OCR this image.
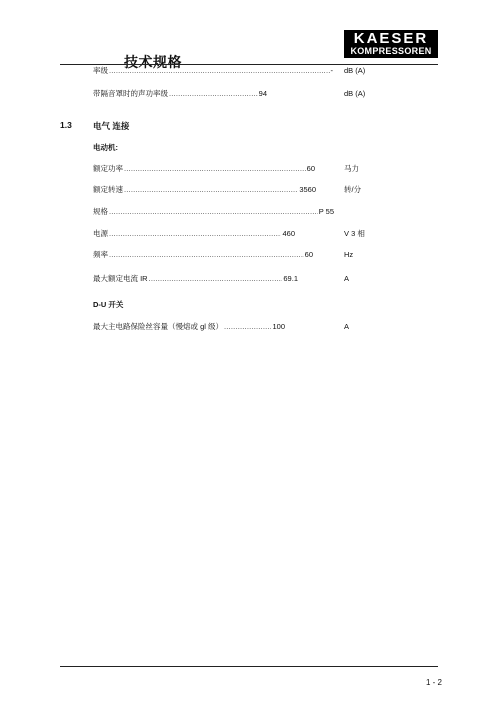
技术规格
KAESER
KOMPRESSOREN
率级 .....	- dB (A)
带隔音罩时的声功率级 .....	94	dB (A)
1.3 电气 连接
电动机:
额定功率 .....	60	马力
额定转速 .....	3560	转/分
规格 .....	P 55
电源 .....	460	V 3 相
频率 .....	60	Hz
最大额定电流 IR .....	69.1	A
D-U 开关
最大主电路保险丝容量（慢熔或 gl 级） .....	100	A
1 - 2
